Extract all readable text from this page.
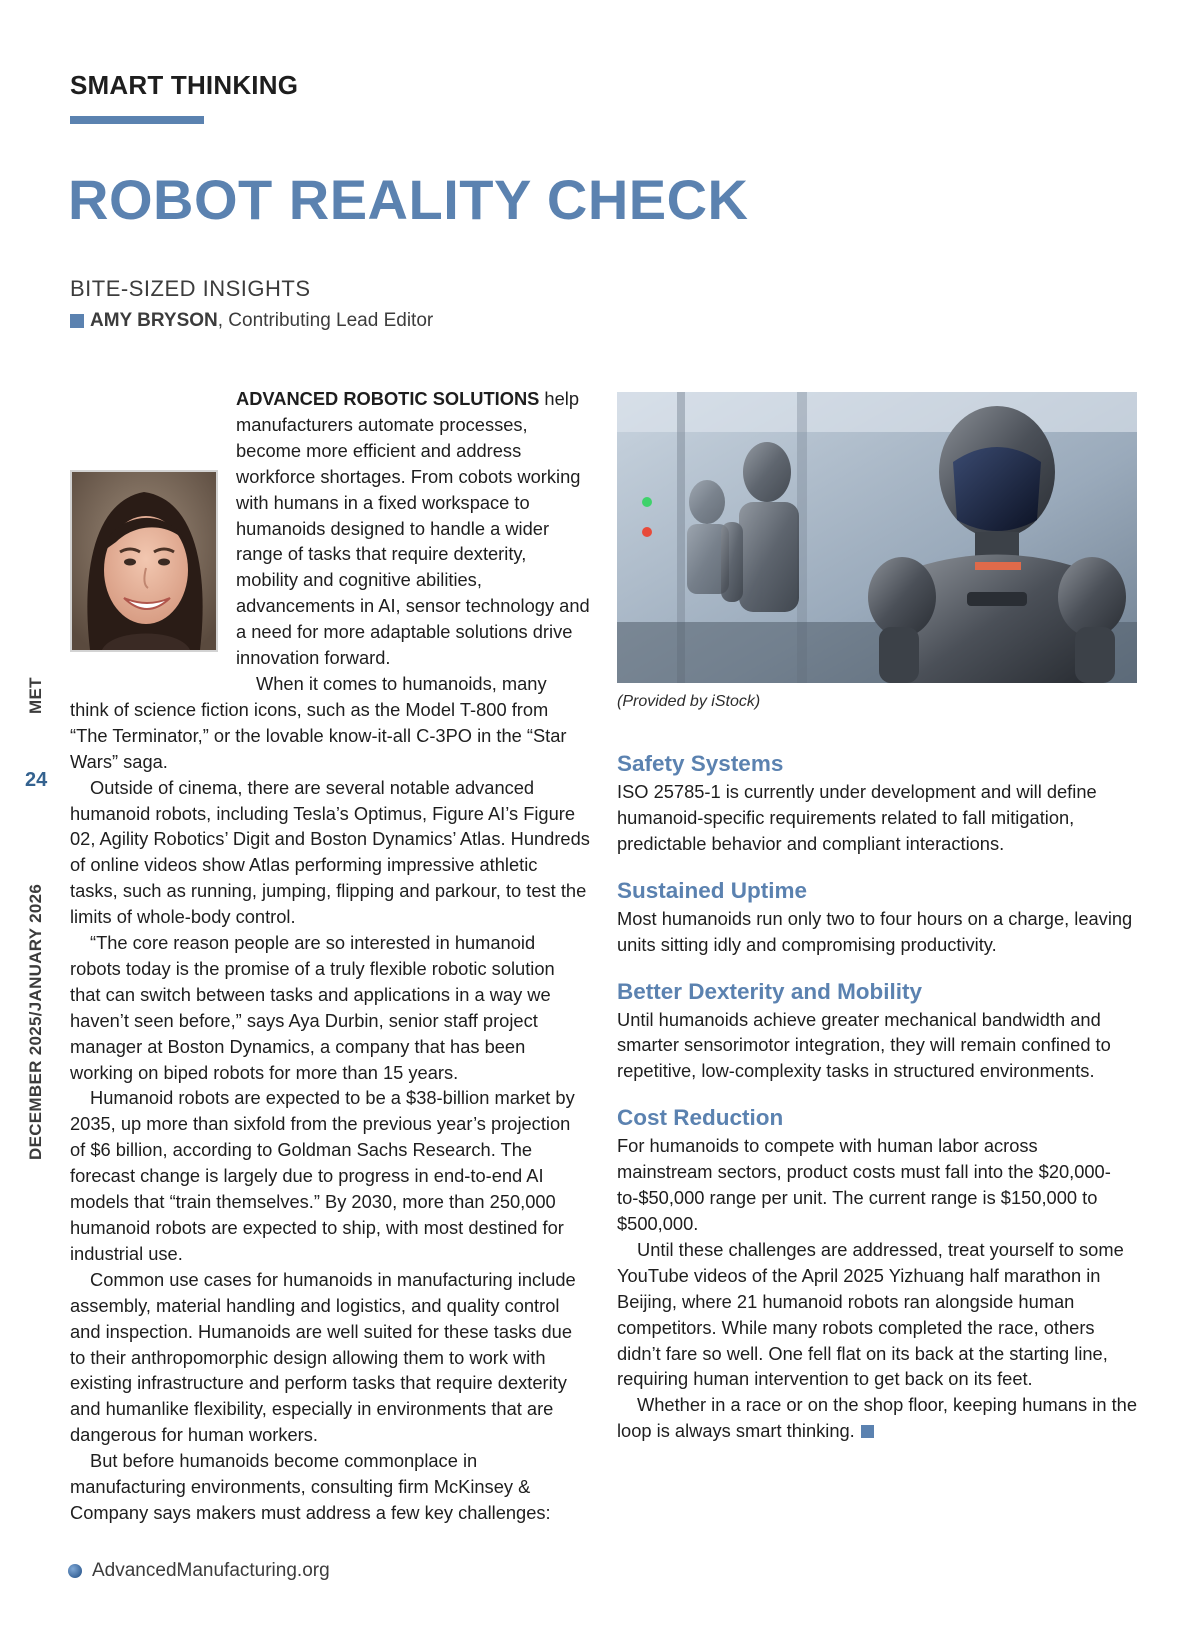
SMART THINKING
ROBOT REALITY CHECK
BITE-SIZED INSIGHTS
AMY BRYSON , Contributing Lead Editor
MET
DECEMBER 2025/JANUARY 2026
24

ADVANCED ROBOTIC SOLUTIONS help manufacturers automate processes, become more efficient and address workforce shortages. From cobots working with humans in a fixed workspace to humanoids designed to handle a wider range of tasks that require dexterity, mobility and cognitive abilities, advancements in AI, sensor technology and a need for more adaptable solutions drive innovation forward.

When it comes to humanoids, many think of science fiction icons, such as the Model T-800 from “The Terminator,” or the lovable know-it-all C-3PO in the “Star Wars” saga.

Outside of cinema, there are several notable advanced humanoid robots, including Tesla’s Optimus, Figure AI’s Figure 02, Agility Robotics’ Digit and Boston Dynamics’ Atlas. Hundreds of online videos show Atlas performing impressive athletic tasks, such as running, jumping, flipping and parkour, to test the limits of whole-body control.

“The core reason people are so interested in humanoid robots today is the promise of a truly flexible robotic solution that can switch between tasks and applications in a way we haven’t seen before,” says Aya Durbin, senior staff project manager at Boston Dynamics, a company that has been working on biped robots for more than 15 years.

Humanoid robots are expected to be a $38-billion market by 2035, up more than sixfold from the previous year’s projection of $6 billion, according to Goldman Sachs Research. The forecast change is largely due to progress in end-to-end AI models that “train themselves.” By 2030, more than 250,000 humanoid robots are expected to ship, with most destined for industrial use.

Common use cases for humanoids in manufacturing include assembly, material handling and logistics, and quality control and inspection. Humanoids are well suited for these tasks due to their anthropomorphic design allowing them to work with existing infrastructure and perform tasks that require dexterity and humanlike flexibility, especially in environments that are dangerous for human workers.

But before humanoids become commonplace in manufacturing environments, consulting firm McKinsey & Company says makers must address a few key challenges:

(Provided by iStock)
Safety Systems

ISO 25785-1 is currently under development and will define humanoid-specific requirements related to fall mitigation, predictable behavior and compliant interactions.

Sustained Uptime

Most humanoids run only two to four hours on a charge, leaving units sitting idly and compromising productivity.

Better Dexterity and Mobility

Until humanoids achieve greater mechanical bandwidth and smarter sensorimotor integration, they will remain confined to repetitive, low-complexity tasks in structured environments.

Cost Reduction

For humanoids to compete with human labor across mainstream sectors, product costs must fall into the $20,000-to-$50,000 range per unit. The current range is $150,000 to $500,000.

Until these challenges are addressed, treat yourself to some YouTube videos of the April 2025 Yizhuang half marathon in Beijing, where 21 humanoid robots ran alongside human competitors. While many robots completed the race, others didn’t fare so well. One fell flat on its back at the starting line, requiring human intervention to get back on its feet.

Whether in a race or on the shop floor, keeping humans in the loop is always smart thinking.

AdvancedManufacturing.org
